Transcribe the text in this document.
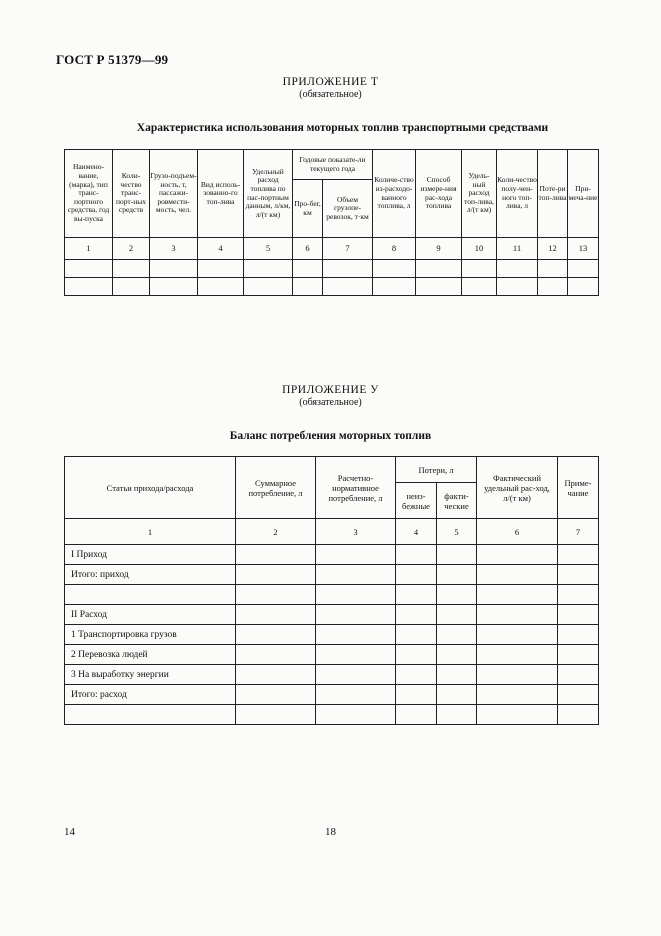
ГОСТ Р 51379—99
ПРИЛОЖЕНИЕ Т
(обязательное)
Характеристика использования моторных топлив транспортными средствами
Наимено-вание, (марка), тип транс-портного средства, год вы-пуска	Коли-чество транс-порт-ных средств	Грузо-подъем-ность, т, пассажи-ровмести-мость, чел.	Вид исполь-зованно-го топ-лива	Удельный расход топлива по пас-портным данным, л/км, л/(т км)	Годовые показате-ли текущего года		Количе-ство из-расходо-ванного топлива, л	Способ измере-ния рас-хода топлива	Удель-ный расход топ-лива, л/(т км)	Коли-чество полу-чен-ного топ-лива, л	Поте-ри топ-лива	При-меча-ние
					Про-бег, км	Объем грузопе-ревозок, т·км						
1	2	3	4	5	6	7	8	9	10	11	12	13

ПРИЛОЖЕНИЕ У
(обязательное)
Баланс потребления моторных топлив
Статьи прихода/расхода	Суммарное потребление, л	Расчетно-нормативное потребление, л	Потери, л		Фактический удельный рас-ход, л/(т км)	Приме-чание
			неиз-бежные	факти-ческие		
1	2	3	4	5	6	7
I Приход						
Итого: приход						

II Расход						
1 Транспортировка грузов						
2 Перевозка людей						
3 На выработку энергии						
Итого: расход						

14	18
